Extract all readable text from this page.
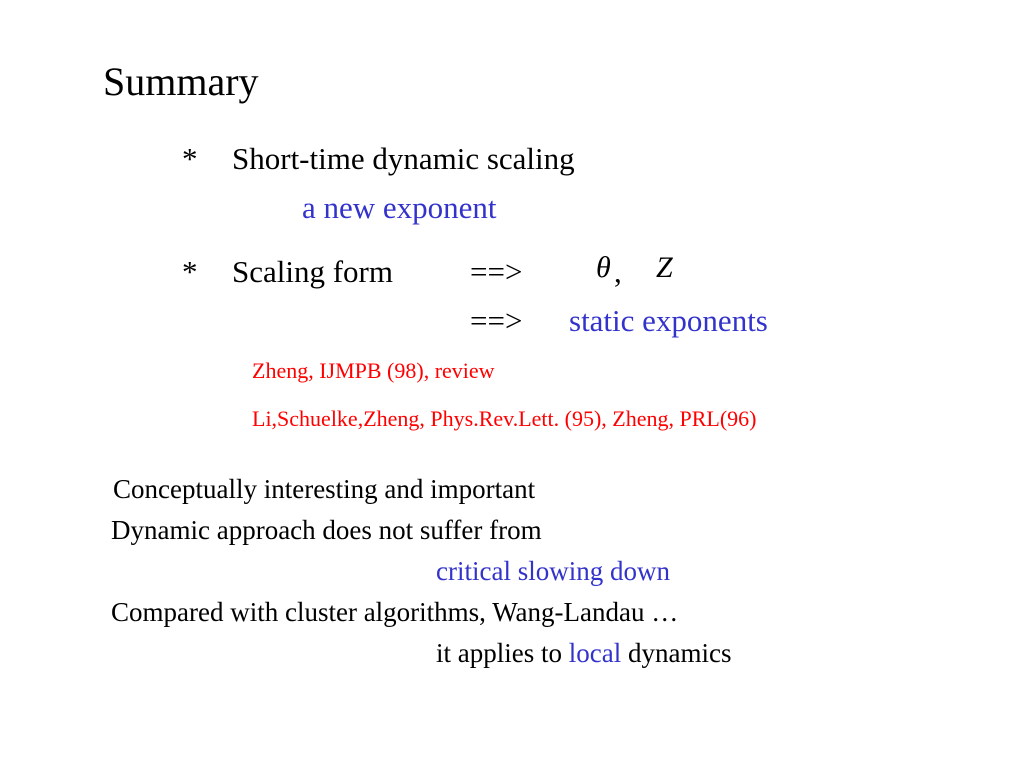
Summary
* Short-time dynamic scaling
a new exponent
* Scaling form ==> θ , Z
==> static exponents
Zheng, IJMPB (98), review
Li,Schuelke,Zheng, Phys.Rev.Lett. (95), Zheng, PRL(96)
Conceptually interesting and important
Dynamic approach does not suffer from
critical slowing down
Compared with cluster algorithms, Wang-Landau …
it applies to local dynamics
